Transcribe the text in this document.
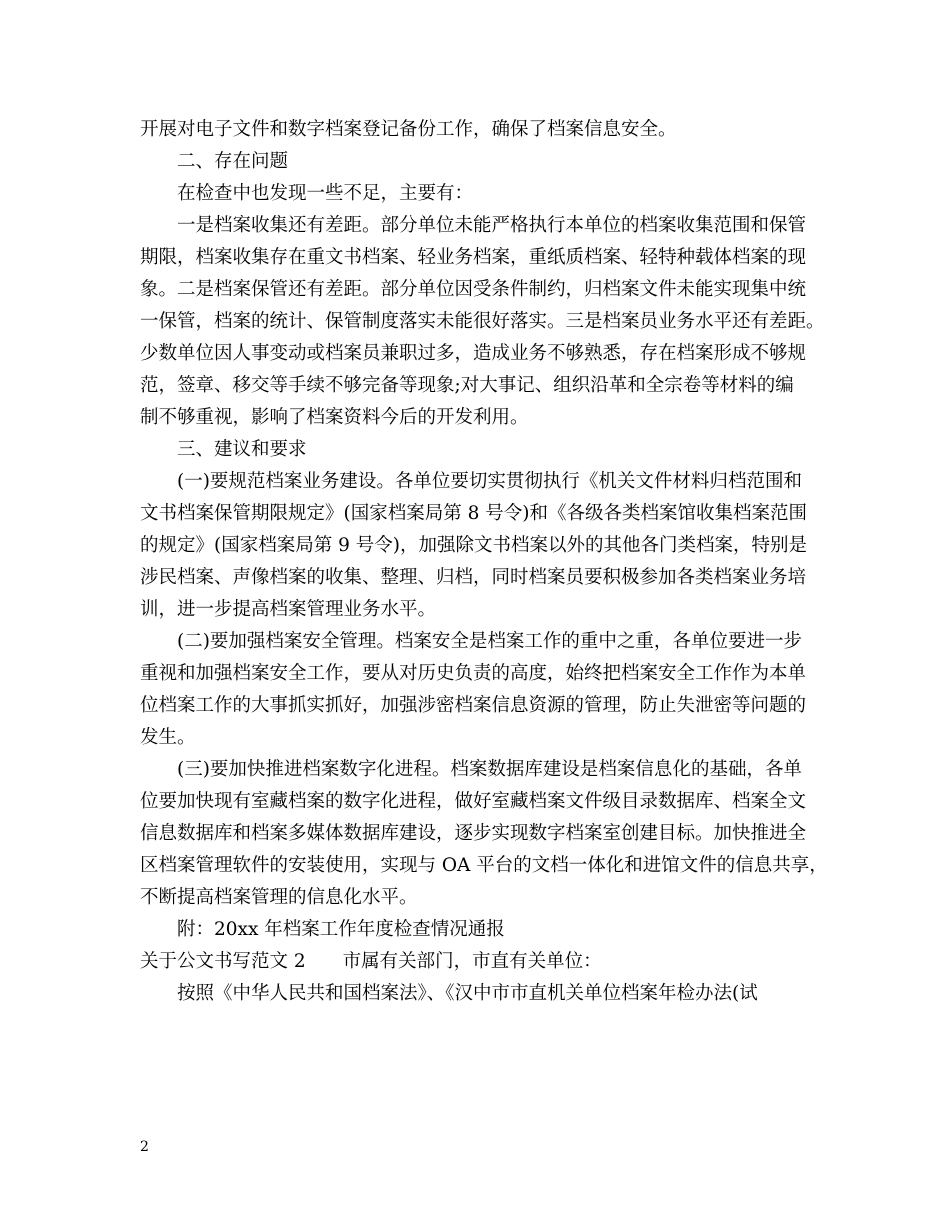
开展对电子文件和数字档案登记备份工作，确保了档案信息安全。
二、存在问题
在检查中也发现一些不足，主要有：
一是档案收集还有差距。部分单位未能严格执行本单位的档案收集范围和保管
期限，档案收集存在重文书档案、轻业务档案，重纸质档案、轻特种载体档案的现
象。二是档案保管还有差距。部分单位因受条件制约，归档案文件未能实现集中统
一保管，档案的统计、保管制度落实未能很好落实。三是档案员业务水平还有差距。
少数单位因人事变动或档案员兼职过多，造成业务不够熟悉，存在档案形成不够规
范，签章、移交等手续不够完备等现象;对大事记、组织沿革和全宗卷等材料的编
制不够重视，影响了档案资料今后的开发利用。
三、建议和要求
(一)要规范档案业务建设。各单位要切实贯彻执行《机关文件材料归档范围和
文书档案保管期限规定》(国家档案局第 8 号令)和《各级各类档案馆收集档案范围
的规定》(国家档案局第 9 号令)，加强除文书档案以外的其他各门类档案，特别是
涉民档案、声像档案的收集、整理、归档，同时档案员要积极参加各类档案业务培
训，进一步提高档案管理业务水平。
(二)要加强档案安全管理。档案安全是档案工作的重中之重，各单位要进一步
重视和加强档案安全工作，要从对历史负责的高度，始终把档案安全工作作为本单
位档案工作的大事抓实抓好，加强涉密档案信息资源的管理，防止失泄密等问题的
发生。
(三)要加快推进档案数字化进程。档案数据库建设是档案信息化的基础，各单
位要加快现有室藏档案的数字化进程，做好室藏档案文件级目录数据库、档案全文
信息数据库和档案多媒体数据库建设，逐步实现数字档案室创建目标。加快推进全
区档案管理软件的安装使用，实现与 OA 平台的文档一体化和进馆文件的信息共享，
不断提高档案管理的信息化水平。
附：20xx 年档案工作年度检查情况通报
关于公文书写范文 2　　市属有关部门，市直有关单位：
按照《中华人民共和国档案法》、《汉中市市直机关单位档案年检办法(试
2
